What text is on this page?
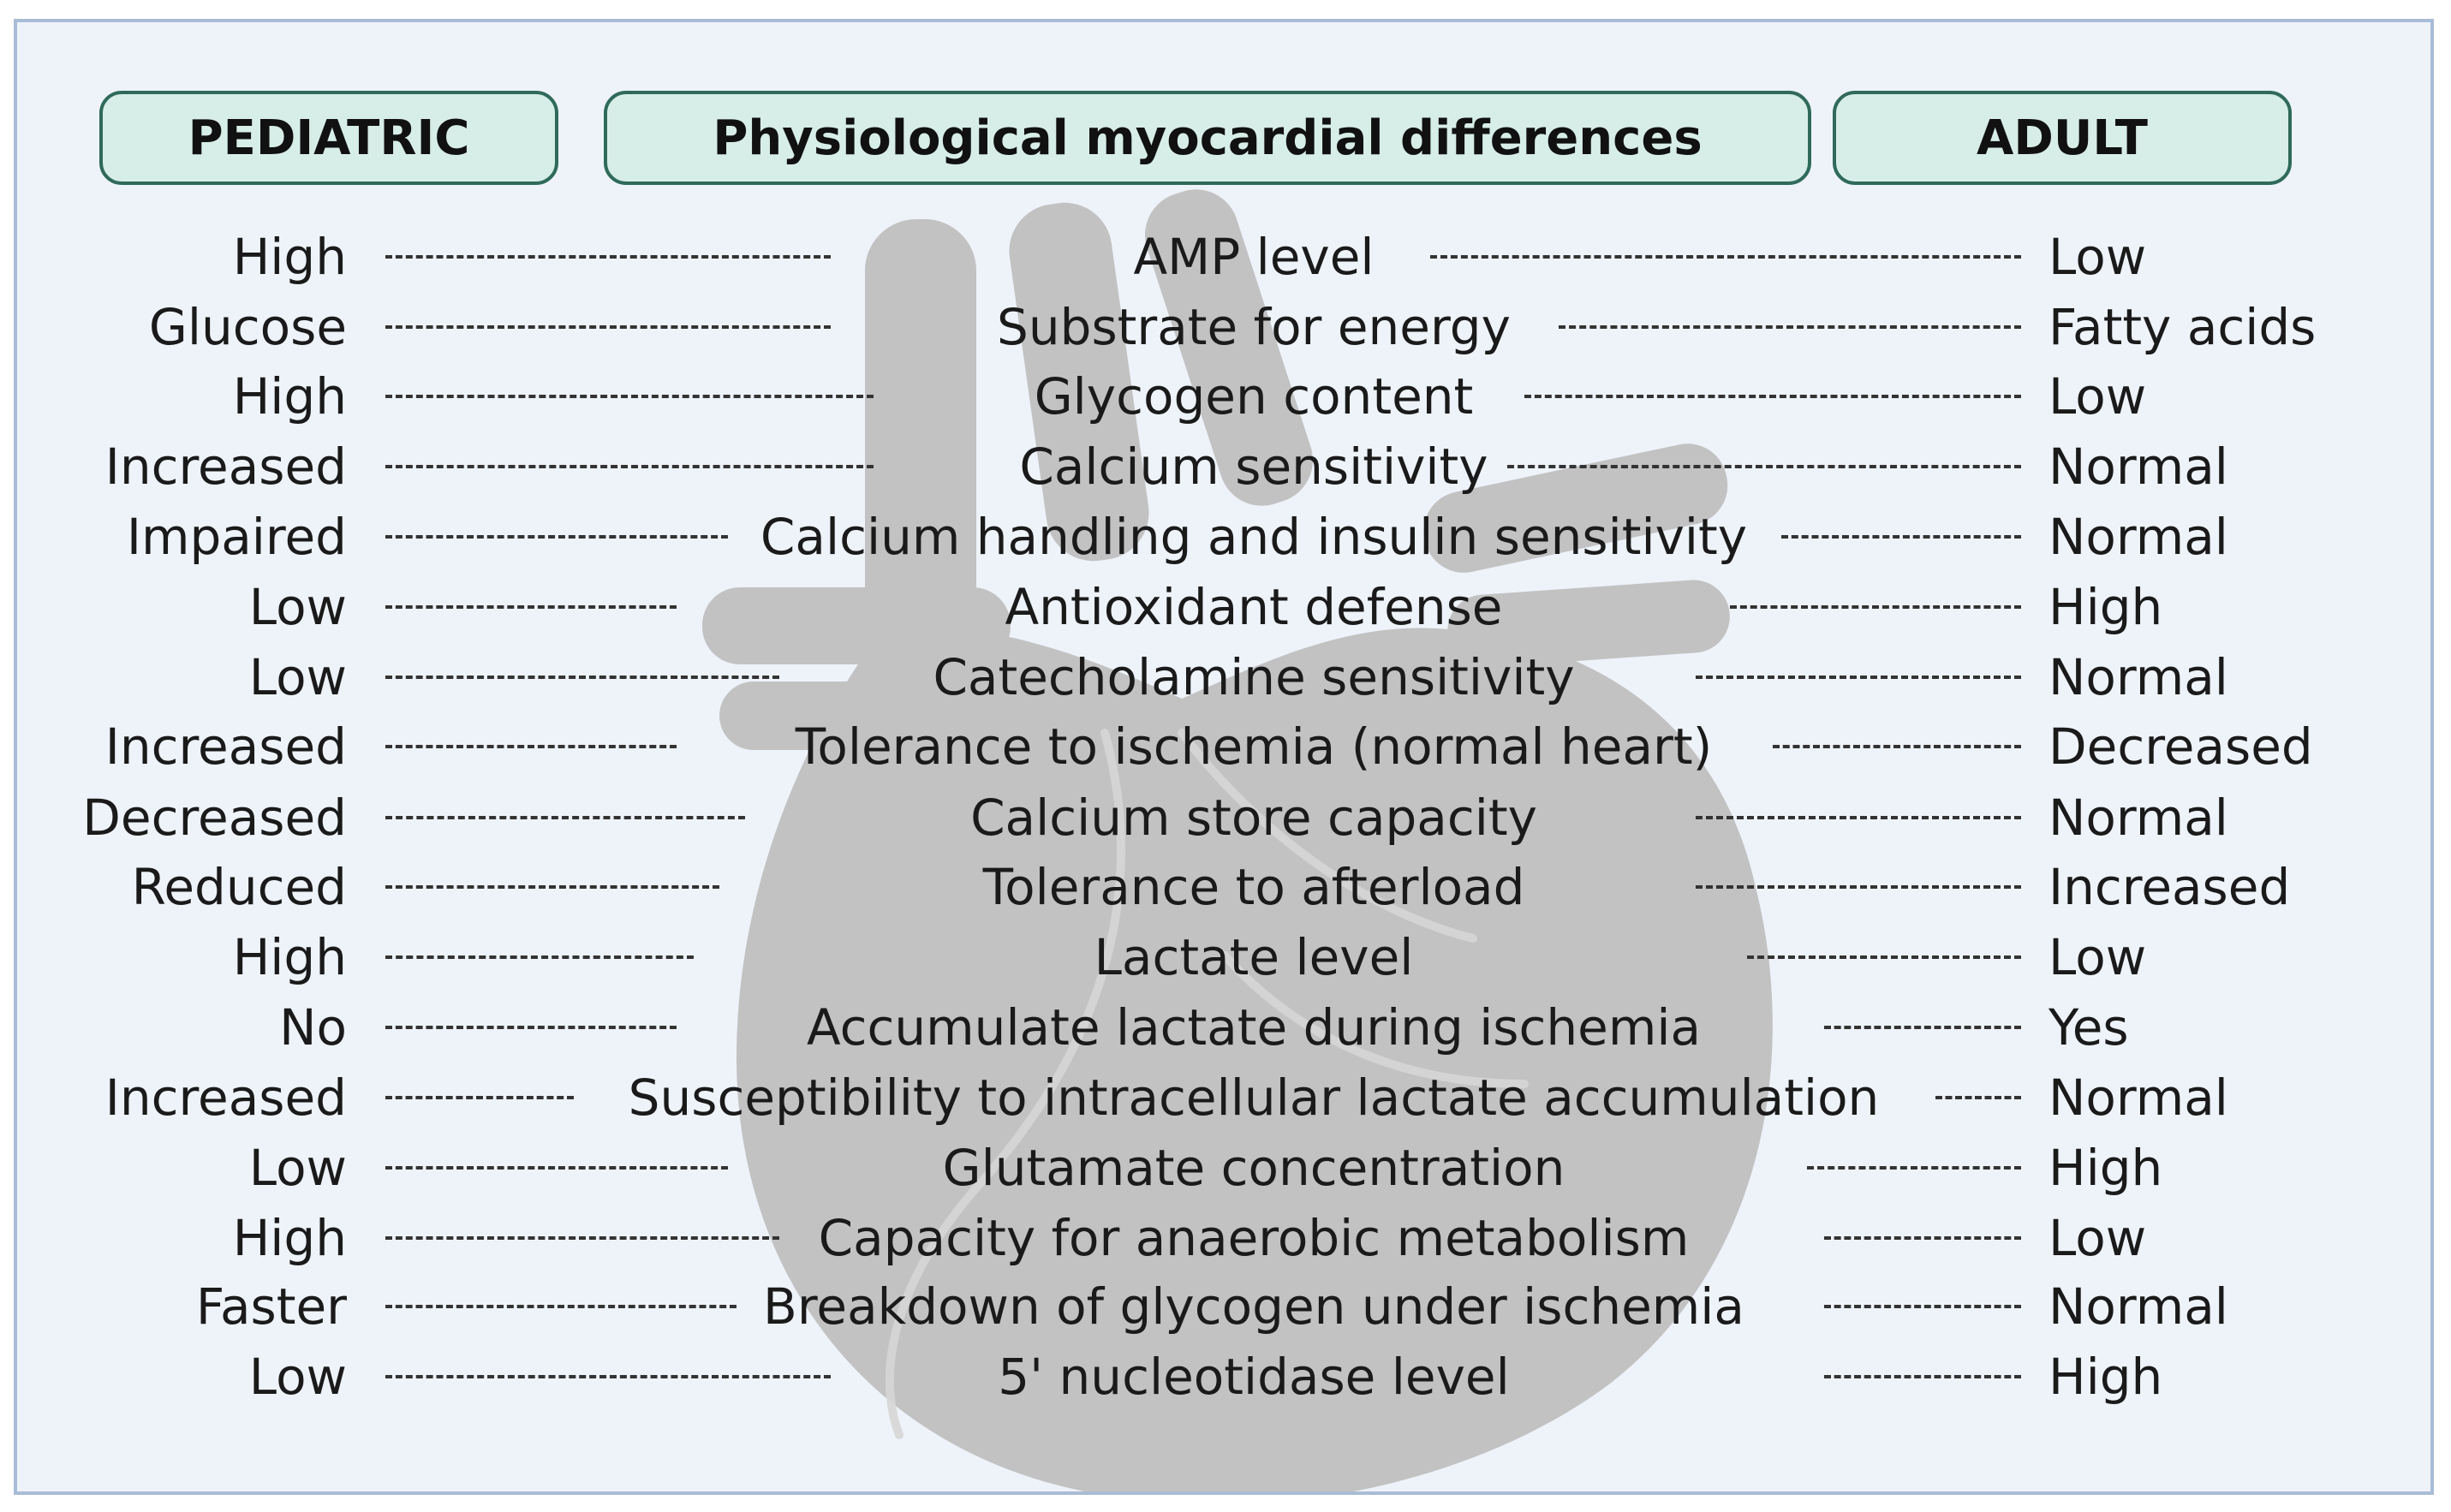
PEDIATRIC	Physiological myocardial differences	ADULT
High	AMP level	Low
Glucose	Substrate for energy	Fatty acids
High	Glycogen content	Low
Increased	Calcium sensitivity	Normal
Impaired	Calcium handling and insulin sensitivity	Normal
Low	Antioxidant defense	High
Low	Catecholamine sensitivity	Normal
Increased	Tolerance to ischemia (normal heart)	Decreased
Decreased	Calcium store capacity	Normal
Reduced	Tolerance to afterload	Increased
High	Lactate level	Low
No	Accumulate lactate during ischemia	Yes
Increased	Susceptibility to intracellular lactate accumulation	Normal
Low	Glutamate concentration	High
High	Capacity for anaerobic metabolism	Low
Faster	Breakdown of glycogen under ischemia	Normal
Low	5' nucleotidase level	High
